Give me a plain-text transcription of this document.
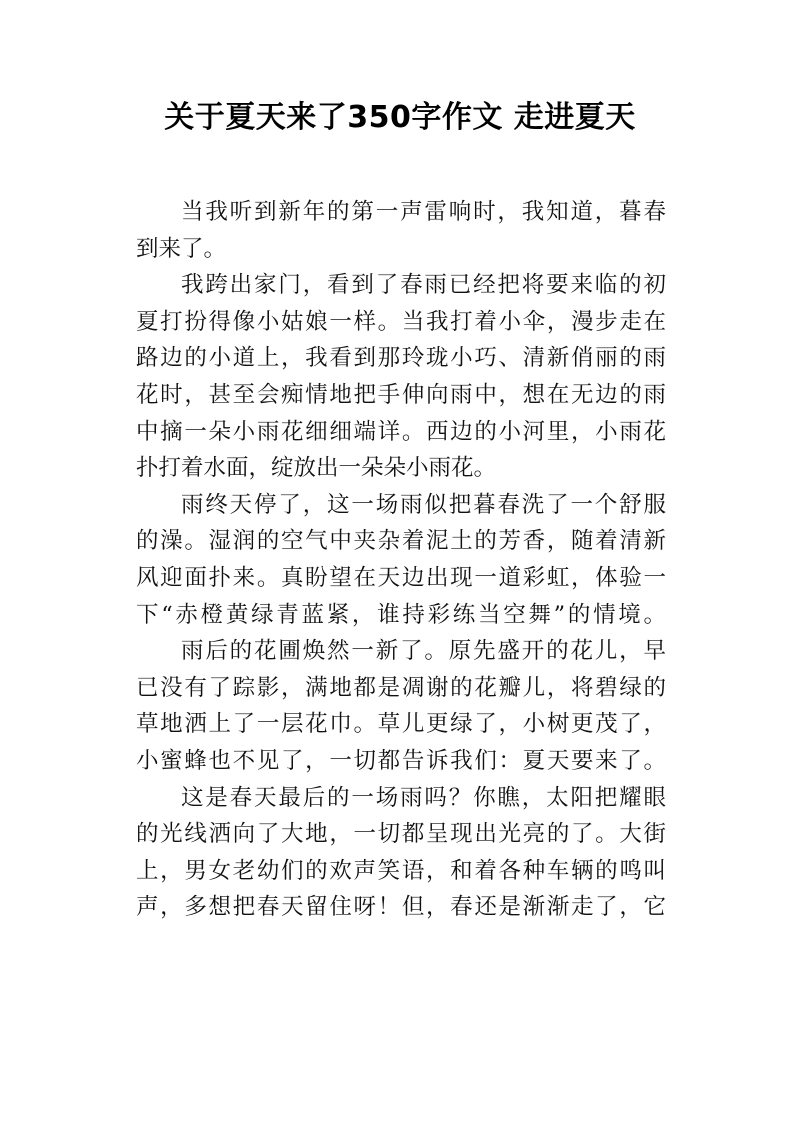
关于夏天来了350字作文 走进夏天
当我听到新年的第一声雷响时，我知道，暮春
到来了。
我跨出家门，看到了春雨已经把将要来临的初
夏打扮得像小姑娘一样。当我打着小伞，漫步走在
路边的小道上，我看到那玲珑小巧、清新俏丽的雨
花时，甚至会痴情地把手伸向雨中，想在无边的雨
中摘一朵小雨花细细端详。西边的小河里，小雨花
扑打着水面，绽放出一朵朵小雨花。
雨终天停了，这一场雨似把暮春洗了一个舒服
的澡。湿润的空气中夹杂着泥土的芳香，随着清新
风迎面扑来。真盼望在天边出现一道彩虹，体验一
下“赤橙黄绿青蓝紧，谁持彩练当空舞”的情境。
雨后的花圃焕然一新了。原先盛开的花儿，早
已没有了踪影，满地都是凋谢的花瓣儿，将碧绿的
草地洒上了一层花巾。草儿更绿了，小树更茂了，
小蜜蜂也不见了，一切都告诉我们：夏天要来了。
这是春天最后的一场雨吗？你瞧，太阳把耀眼
的光线洒向了大地，一切都呈现出光亮的了。大街
上，男女老幼们的欢声笑语，和着各种车辆的鸣叫
声，多想把春天留住呀！但，春还是渐渐走了，它
